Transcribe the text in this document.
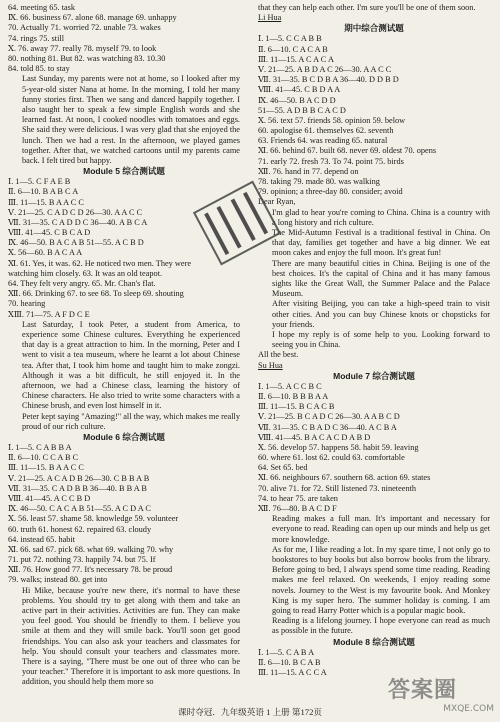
64. meeting 65. task
Ⅸ. 66. business 67. alone 68. manage 69. unhappy
70. Actually 71. worried 72. unable 73. wakes
74. rings 75. still
Ⅹ. 76. away 77. really 78. myself 79. to look
80. nothing 81. But 82. was watching 83. 10.30
84. told 85. to stay
Last Sunday, my parents were not at home, so I looked after my 5-year-old sister Nana at home. In the morning, I told her many funny stories first. Then we sang and danced happily together. I also taught her to speak a few simple English words and she learned fast. At noon, I cooked noodles with tomatoes and eggs. She said they were delicious. I was very glad that she enjoyed the lunch. Then we had a rest. In the afternoon, we played games together. After that, we watched cartoons until my parents came back. I felt tired but happy.
Module 5 综合测试题
Ⅰ. 1—5. C F A E B
Ⅱ. 6—10. B A B C A
Ⅲ. 11—15. B A A C C
Ⅴ. 21—25. C A D C D 26—30. A A C C
Ⅶ. 31—35. C A D D C 36—40. A B C A
Ⅷ. 41—45. C B C A D
Ⅸ. 46—50. B A C A B 51—55. A C B D
Ⅹ. 56—60. B A C A A
Ⅺ. 61. Yes, it was. 62. He noticed two men. They were
watching him closely. 63. It was an old teapot.
64. They felt very angry. 65. Mr. Chan's flat.
Ⅻ. 66. Drinking 67. to see 68. To sleep 69. shouting
70. hearing
ⅩⅢ. 71—75. A F D C E
Last Saturday, I took Peter, a student from America, to experience some Chinese cultures. Everything he experienced that day is a great attraction to him. In the morning, Peter and I went to visit a tea museum, where he learnt a lot about Chinese tea. After that, I took him home and taught him to make zongzi. Although it was a bit difficult, he still enjoyed it. In the afternoon, we had a Chinese class, learning the history of Chinese characters. He also tried to write some characters with a Chinese brush, and even lost himself in it.
Peter kept saying "Amazing!" all the way, which makes me really proud of our rich culture.
Module 6 综合测试题
Ⅰ. 1—5. C A B B A
Ⅱ. 6—10. C C A B C
Ⅲ. 11—15. B A A C C
Ⅴ. 21—25. A C A D B 26—30. C B B A B
Ⅶ. 31—35. C A D B B 36—40. B B A B
Ⅷ. 41—45. A C C B D
Ⅸ. 46—50. C A C A B 51—55. A C D A C
Ⅹ. 56. least 57. shame 58. knowledge 59. volunteer
60. truth 61. honest 62. repaired 63. cloudy
64. instead 65. habit
Ⅺ. 66. sad 67. pick 68. what 69. walking 70. why
71. put 72. nothing 73. happily 74. but 75. If
Ⅻ. 76. How good 77. It's necessary 78. be proud
79. walks; instead 80. get into
Hi Mike, because you're new there, it's normal to have these problems. You should try to get along with them and take an active part in their activities. Activities are fun. They can make you feel good. You should be friendly to them. I believe you smile at them and they will smile back. You'll soon get good friendships. You can also ask your teachers and classmates for help. You should consult your teachers and classmates more. There is a saying, "There must be one out of three who can be your teacher." Therefore it is important to ask more questions. In addition, you should help them more so
that they can help each other. I'm sure you'll be one of them soon.
Li Hua
期中综合测试题
Ⅰ. 1—5. C C A B B
Ⅱ. 6—10. C A C A B
Ⅲ. 11—15. A C A C A
Ⅴ. 21—25. A B D A C 26—30. A A C C
Ⅶ. 31—35. B C D B A 36—40. D D B D
Ⅷ. 41—45. C B D A A
Ⅸ. 46—50. B A C D D
51—55. A D B B C A C D
Ⅹ. 56. text 57. friends 58. opinion 59. below
60. apologise 61. themselves 62. seventh
63. Friends 64. was reading 65. natural
Ⅺ. 66. behind 67. built 68. never 69. oldest 70. opens
71. early 72. fresh 73. To 74. point 75. birds
Ⅻ. 76. hand in 77. depend on
78. taking 79. made 80. was walking
79. opinion; a three-day 80. consider; avoid
Dear Ryan,
I'm glad to hear you're coming to China. China is a country with a long history and rich culture.
The Mid-Autumn Festival is a traditional festival in China. On that day, families get together and have a big dinner. We eat moon cakes and enjoy the full moon. It's great fun!
There are many beautiful cities in China. Beijing is one of the best choices. It's the capital of China and it has many famous sights like the Great Wall, the Summer Palace and the Palace Museum.
After visiting Beijing, you can take a high-speed train to visit other cities. And you can buy Chinese knots or chopsticks for your friends.
I hope my reply is of some help to you. Looking forward to seeing you in China.
All the best.
Su Hua
Module 7 综合测试题
Ⅰ. 1—5. A C C B C
Ⅱ. 6—10. B B B A A
Ⅲ. 11—15. B C A C B
Ⅴ. 21—25. B C A D C 26—30. A A B C D
Ⅶ. 31—35. C B A D C 36—40. A C B A
Ⅷ. 41—45. B A C A C D A B D
Ⅹ. 56. develop 57. happens 58. habit 59. leaving
60. where 61. lost 62. could 63. comfortable
64. Set 65. bed
Ⅺ. 66. neighbours 67. southern 68. action 69. states
70. alive 71. for 72. Still listened 73. nineteenth
74. to hear 75. are taken
Ⅻ. 76—80. B A C D F
Reading makes a full man. It's important and necessary for everyone to read. Reading can open up our minds and help us get more knowledge.
As for me, I like reading a lot. In my spare time, I not only go to bookstores to buy books but also borrow books from the library. Before going to bed, I always spend some time reading. Reading makes me feel relaxed. On weekends, I enjoy reading some novels. Journey to the West is my favourite book. And Monkey King is my super hero. The summer holiday is coming. I am going to read Harry Potter which is a popular magic book.
Reading is a lifelong journey. I hope everyone can read as much as possible in the future.
Module 8 综合测试题
Ⅰ. 1—5. C A B A
Ⅱ. 6—10. B C A B
Ⅲ. 11—15. A C C A
课时夺冠．九年级英语 1 上册 第172页
答案圈
MXQE.COM
